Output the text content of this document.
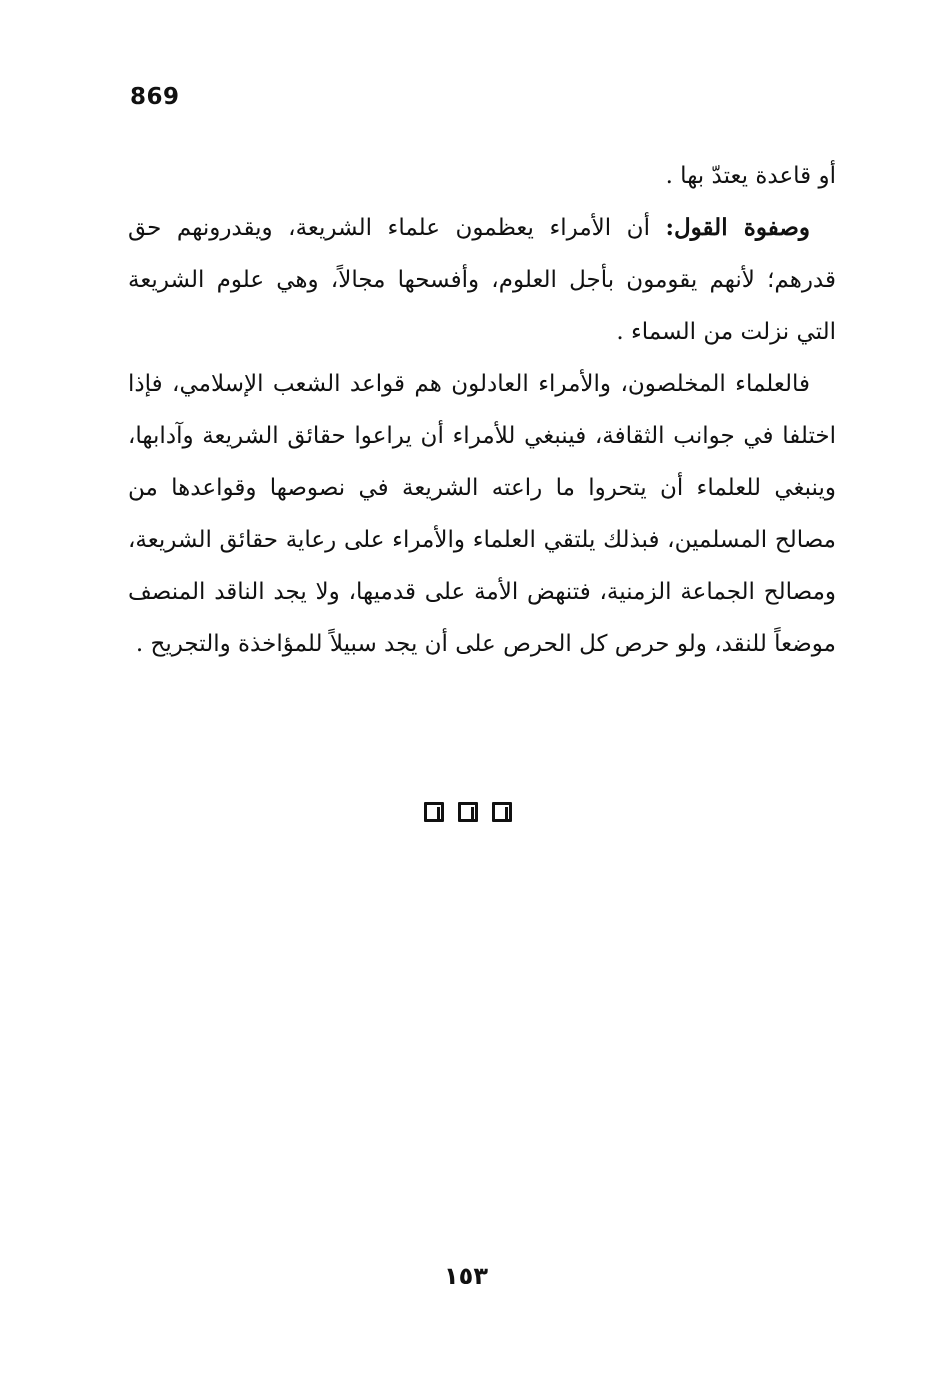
869

أو قاعدة يعتدّ بها .

وصفوة القول: أن الأمراء يعظمون علماء الشريعة، ويقدرونهم حق قدرهم؛ لأنهم يقومون بأجل العلوم، وأفسحها مجالاً، وهي علوم الشريعة التي نزلت من السماء .

فالعلماء المخلصون، والأمراء العادلون هم قواعد الشعب الإسلامي، فإذا اختلفا في جوانب الثقافة، فينبغي للأمراء أن يراعوا حقائق الشريعة وآدابها، وينبغي للعلماء أن يتحروا ما راعته الشريعة في نصوصها وقواعدها من مصالح المسلمين، فبذلك يلتقي العلماء والأمراء على رعاية حقائق الشريعة، ومصالح الجماعة الزمنية، فتنهض الأمة على قدميها، ولا يجد الناقد المنصف موضعاً للنقد، ولو حرص كل الحرص على أن يجد سبيلاً للمؤاخذة والتجريح .

١٥٣
